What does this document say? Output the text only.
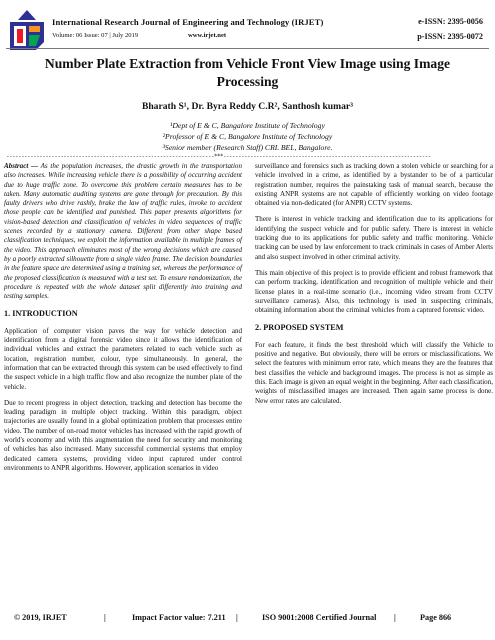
International Research Journal of Engineering and Technology (IRJET)
Volume: 06 Issue: 07 | July 2019	www.irjet.net
e-ISSN: 2395-0056
p-ISSN: 2395-0072
Number Plate Extraction from Vehicle Front View Image using Image Processing
Bharath S¹, Dr. Byra Reddy C.R², Santhosh kumar³
¹Dept of E & C, Bangalore Institute of Technology
²Professor of E & C, Bangalore Institute of Technology
³Senior member (Research Staff) CRL BEL, Bangalore.
---------------------------------------------------------------------***---------------------------------------------------------------------

Abstract — As the population increases, the drastic growth in the transportation also increases. While increasing vehicle there is a possibility of occurring accident due to huge traffic zone. To overcome this problem certain measures has to be taken. Many automatic auditing systems are gone through for precaution. By this faulty drivers who drive rashly, brake the law of traffic rules, invoke to accident those people can be identified and punished. This paper presents algorithms for vision-based detection and classification of vehicles in video sequences of traffic scenes recorded by a stationary camera. Different from other shape based classification techniques, we exploit the information available in multiple frames of the video. This approach eliminates most of the wrong decisions which are caused by a poorly extracted silhouette from a single video frame. The decision boundaries in the feature space are determined using a training set, whereas the performance of the proposed classification is measured with a test set. To ensure randomization, the procedure is repeated with the whole dataset split differently into training and testing samples.

1. INTRODUCTION

Application of computer vision paves the way for vehicle detection and identification from a digital forensic video since it allows the identification of individual vehicles and extract the parameters related to each vehicle such as location, registration number, colour, type simultaneously. In general, the information that can be extracted through this system can be used effectively to find the suspect vehicle in a high traffic flow and also recognize the number plate of the vehicle.

Due to recent progress in object detection, tracking and detection has become the leading paradigm in multiple object tracking. Within this paradigm, object trajectories are usually found in a global optimization problem that processes entire video. The number of on-road motor vehicles has increased with the rapid growth of world's economy and with this augmentation the need for security and monitoring of vehicles has also increased. Many successful commercial systems that employ dedicated camera systems, providing video input captured under control environments to ANPR algorithms. However, application scenarios in video

surveillance and forensics such as tracking down a stolen vehicle or searching for a vehicle involved in a crime, as identified by a bystander to be of a particular registration number, requires the painstaking task of manual search, because the existing ANPR systems are not capable of efficiently working on video footage obtained via non-dedicated (for ANPR) CCTV systems.

There is interest in vehicle tracking and identification due to its applications for identifying the suspect vehicle and for public safety. There is interest in vehicle tracking due to its applications for public safety and traffic monitoring. Vehicle tracking can be used by law enforcement to track criminals in cases of Amber Alerts and also suspect involved in other criminal activity.

This main objective of this project is to provide efficient and robust framework that can perform tracking, identification and recognition of multiple vehicle and their license plates in a real-time scenario (i.e., incoming video stream from CCTV surveillance cameras). Also, this technology is used in suspecting criminals, obtaining information about the criminal vehicles from a captured forensic video.

2. PROPOSED SYSTEM

For each feature, it finds the best threshold which will classify the Vehicle to positive and negative. But obviously, there will be errors or misclassifications. We select the features with minimum error rate, which means they are the features that best classifies the vehicle and background images. The process is not as simple as this. Each image is given an equal weight in the beginning. After each classification, weights of misclassified images are increased. Then again same process is done. New error rates are calculated.

© 2019, IRJET	|	Impact Factor value: 7.211 |	ISO 9001:2008 Certified Journal |	Page 866
